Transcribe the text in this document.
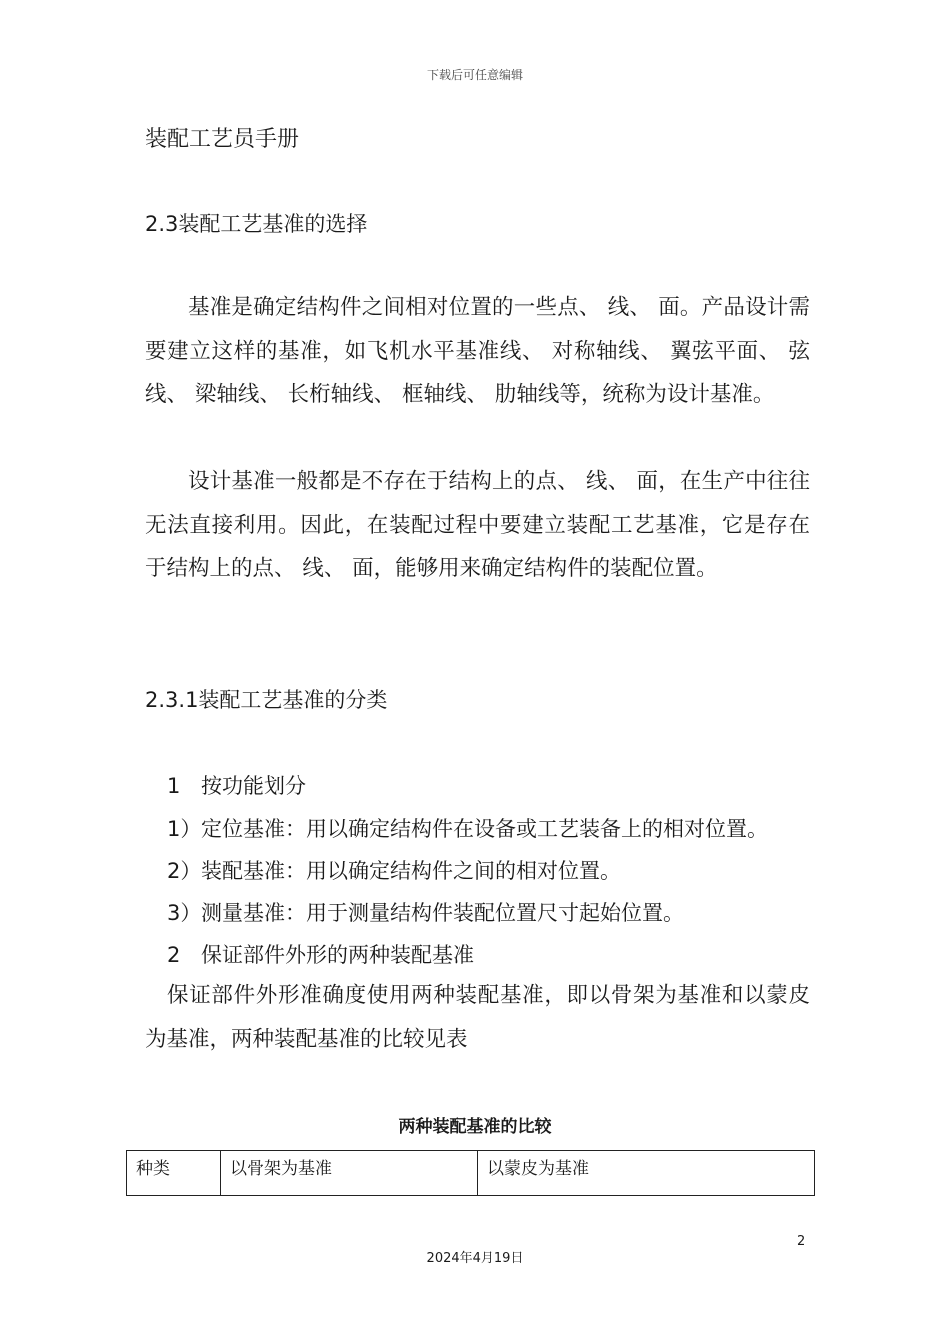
下载后可任意编辑
装配工艺员手册
2.3装配工艺基准的选择

基准是确定结构件之间相对位置的一些点、 线、 面。产品设计需要建立这样的基准，如飞机水平基准线、 对称轴线、 翼弦平面、 弦线、 梁轴线、 长桁轴线、 框轴线、 肋轴线等，统称为设计基准。

设计基准一般都是不存在于结构上的点、 线、 面，在生产中往往无法直接利用。因此，在装配过程中要建立装配工艺基准，它是存在于结构上的点、 线、 面，能够用来确定结构件的装配位置。

2.3.1装配工艺基准的分类
1 按功能划分
1）定位基准：用以确定结构件在设备或工艺装备上的相对位置。
2）装配基准：用以确定结构件之间的相对位置。
3）测量基准：用于测量结构件装配位置尺寸起始位置。
2 保证部件外形的两种装配基准

保证部件外形准确度使用两种装配基准，即以骨架为基准和以蒙皮为基准，两种装配基准的比较见表

两种装配基准的比较
种类	以骨架为基准	以蒙皮为基准
2
2024年4月19日
